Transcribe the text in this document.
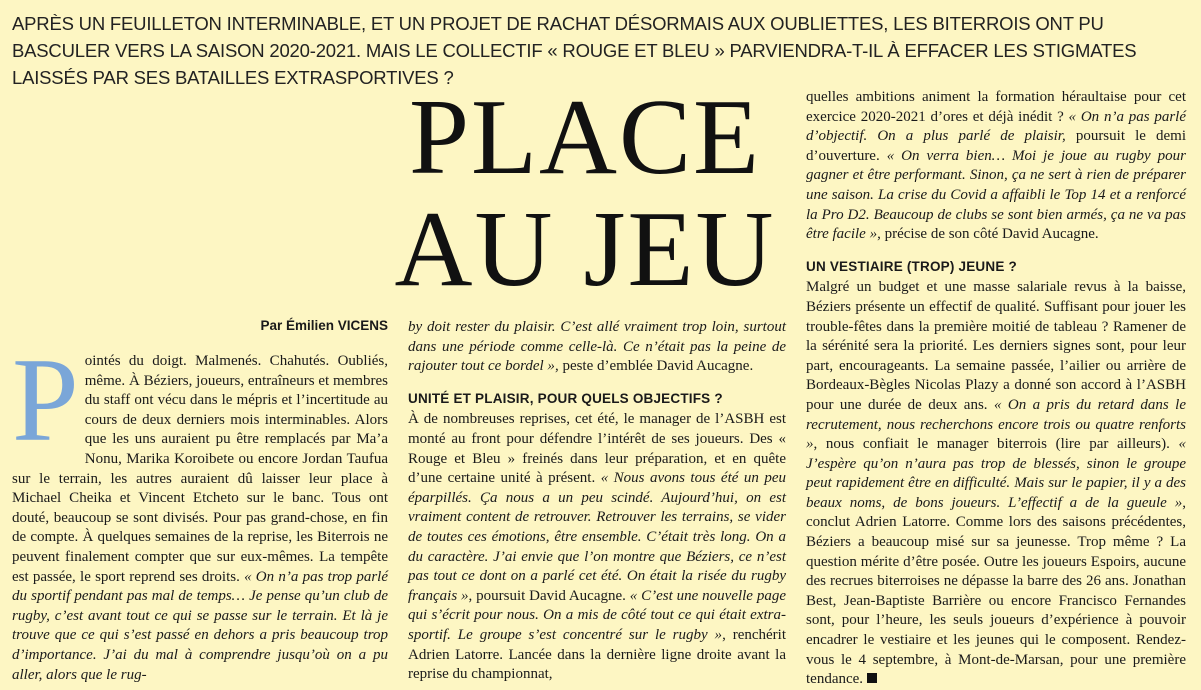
APRÈS UN FEUILLETON INTERMINABLE, ET UN PROJET DE RACHAT DÉSORMAIS AUX OUBLIETTES, LES BITERROIS ONT PU BASCULER VERS LA SAISON 2020-2021. MAIS LE COLLECTIF « ROUGE ET BLEU » PARVIENDRA-T-IL À EFFACER LES STIGMATES LAISSÉS PAR SES BATAILLES EXTRASPORTIVES ?
PLACE
AU JEU
Par Émilien VICENS

P ointés du doigt. Malmenés. Chahutés. Oubliés, même. À Béziers, joueurs, entraîneurs et membres du staff ont vécu dans le mépris et l’incertitude au cours de deux derniers mois interminables. Alors que les uns auraient pu être remplacés par Ma’a Nonu, Marika Koroibete ou encore Jordan Taufua sur le terrain, les autres auraient dû laisser leur place à Michael Cheika et Vincent Etcheto sur le banc. Tous ont douté, beaucoup se sont divisés. Pour pas grand-chose, en fin de compte. À quelques semaines de la reprise, les Biterrois ne peuvent finalement compter que sur eux-mêmes. La tempête est passée, le sport reprend ses droits. « On n’a pas trop parlé du sportif pendant pas mal de temps… Je pense qu’un club de rugby, c’est avant tout ce qui se passe sur le terrain. Et là je trouve que ce qui s’est passé en dehors a pris beaucoup trop d’importance. J’ai du mal à comprendre jusqu’où on a pu aller, alors que le rug-

by doit rester du plaisir. C’est allé vraiment trop loin, surtout dans une période comme celle-là. Ce n’était pas la peine de rajouter tout ce bordel », peste d’emblée David Aucagne.

UNITÉ ET PLAISIR, POUR QUELS OBJECTIFS ?

À de nombreuses reprises, cet été, le manager de l’ASBH est monté au front pour défendre l’intérêt de ses joueurs. Des « Rouge et Bleu » freinés dans leur préparation, et en quête d’une certaine unité à présent. « Nous avons tous été un peu éparpillés. Ça nous a un peu scindé. Aujourd’hui, on est vraiment content de retrouver. Retrouver les terrains, se vider de toutes ces émotions, être ensemble. C’était très long. On a du caractère. J’ai envie que l’on montre que Béziers, ce n’est pas tout ce dont on a parlé cet été. On était la risée du rugby français », poursuit David Aucagne. « C’est une nouvelle page qui s’écrit pour nous. On a mis de côté tout ce qui était extra-sportif. Le groupe s’est concentré sur le rugby », renchérit Adrien Latorre. Lancée dans la dernière ligne droite avant la reprise du championnat,

quelles ambitions animent la formation héraultaise pour cet exercice 2020-2021 d’ores et déjà inédit ? « On n’a pas parlé d’objectif. On a plus parlé de plaisir, poursuit le demi d’ouverture. « On verra bien… Moi je joue au rugby pour gagner et être performant. Sinon, ça ne sert à rien de préparer une saison. La crise du Covid a affaibli le Top 14 et a renforcé la Pro D2. Beaucoup de clubs se sont bien armés, ça ne va pas être facile », précise de son côté David Aucagne.

UN VESTIAIRE (TROP) JEUNE ?

Malgré un budget et une masse salariale revus à la baisse, Béziers présente un effectif de qualité. Suffisant pour jouer les trouble-fêtes dans la première moitié de tableau ? Ramener de la sérénité sera la priorité. Les derniers signes sont, pour leur part, encourageants. La semaine passée, l’ailier ou arrière de Bordeaux-Bègles Nicolas Plazy a donné son accord à l’ASBH pour une durée de deux ans. « On a pris du retard dans le recrutement, nous recherchons encore trois ou quatre renforts », nous confiait le manager biterrois (lire par ailleurs). « J’espère qu’on n’aura pas trop de blessés, sinon le groupe peut rapidement être en difficulté. Mais sur le papier, il y a des beaux noms, de bons joueurs. L’effectif a de la gueule », conclut Adrien Latorre. Comme lors des saisons précédentes, Béziers a beaucoup misé sur sa jeunesse. Trop même ? La question mérite d’être posée. Outre les joueurs Espoirs, aucune des recrues biterroises ne dépasse la barre des 26 ans. Jonathan Best, Jean-Baptiste Barrière ou encore Francisco Fernandes sont, pour l’heure, les seuls joueurs d’expérience à pouvoir encadrer le vestiaire et les jeunes qui le composent. Rendez-vous le 4 septembre, à Mont-de-Marsan, pour une première tendance.
